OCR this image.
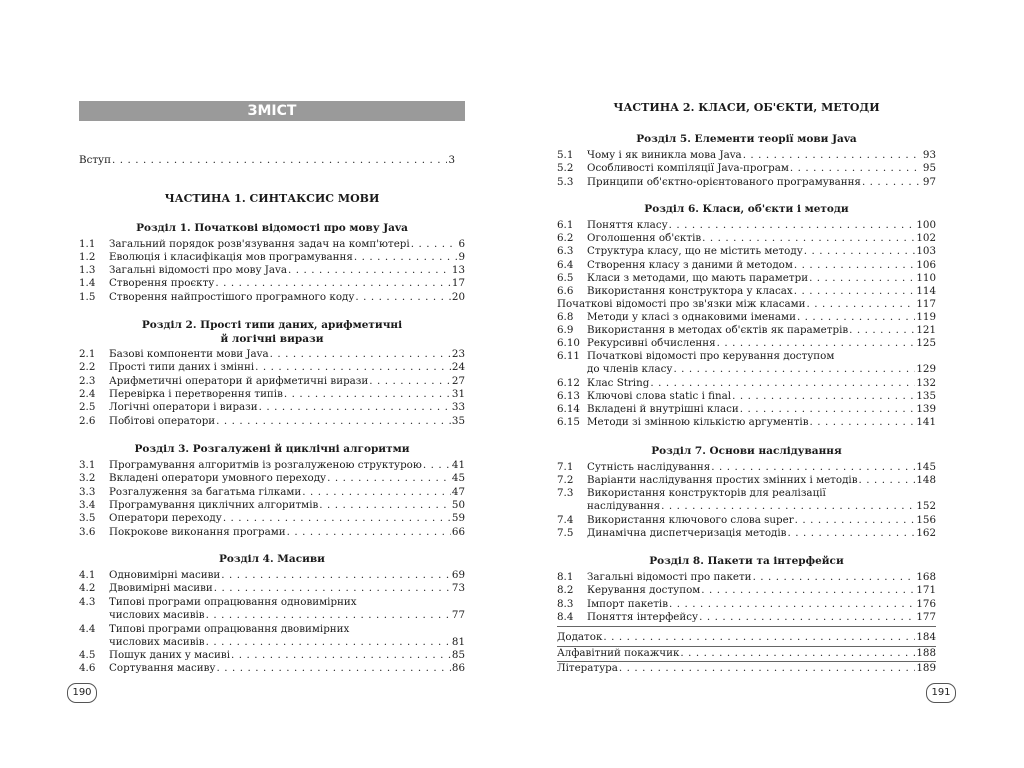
ЗМІСТ
Вступ . . .	3
ЧАСТИНА 1. СИНТАКСИС МОВИ
Розділ 1. Початкові відомості про мову Java
1.1	Загальний порядок розв'язування задач на комп'ютері . . .	6
1.2	Еволюція і класифікація мов програмування . . .	9
1.3	Загальні відомості про мову Java . . .	13
1.4	Створення проєкту . . .	17
1.5	Створення найпростішого програмного коду . . .	20
Розділ 2. Прості типи даних, арифметичні
й логічні вирази
2.1	Базові компоненти мови Java . . .	23
2.2	Прості типи даних і змінні . . .	24
2.3	Арифметичні оператори й арифметичні вирази . . .	27
2.4	Перевірка і перетворення типів . . .	31
2.5	Логічні оператори і вирази . . .	33
2.6	Побітові оператори . . .	35
Розділ 3. Розгалужені й циклічні алгоритми
3.1	Програмування алгоритмів із розгалуженою структурою . . .	41
3.2	Вкладені оператори умовного переходу . . .	45
3.3	Розгалуження за багатьма гілками . . .	47
3.4	Програмування циклічних алгоритмів . . .	50
3.5	Оператори переходу . . .	59
3.6	Покрокове виконання програми . . .	66
Розділ 4. Масиви
4.1	Одновимірні масиви . . .	69
4.2	Двовимірні масиви . . .	73
4.3	Типові програми опрацювання одновимірних
числових масивів . . .	77
4.4	Типові програми опрацювання двовимірних
числових масивів . . .	81
4.5	Пошук даних у масиві . . .	85
4.6	Сортування масиву . . .	86
190
ЧАСТИНА 2. КЛАСИ, ОБ'ЄКТИ, МЕТОДИ
Розділ 5. Елементи теорії мови Java
5.1	Чому і як виникла мова Java . . .	93
5.2	Особливості компіляції Java-програм . . .	95
5.3	Принципи об'єктно-орієнтованого програмування . . .	97
Розділ 6. Класи, об'єкти і методи
6.1	Поняття класу . . .	100
6.2	Оголошення об'єктів . . .	102
6.3	Структура класу, що не містить методу . . .	103
6.4	Створення класу з даними й методом . . .	106
6.5	Класи з методами, що мають параметри . . .	110
6.6	Використання конструктора у класах . . .	114
Початкові відомості про зв'язки між класами . . .	117
6.8	Методи у класі з однаковими іменами . . .	119
6.9	Використання в методах об'єктів як параметрів . . .	121
6.10 Рекурсивні обчислення . . .	125
6.11 Початкові відомості про керування доступом
до членів класу . . .	129
6.12 Клас String . . .	132
6.13 Ключові слова static і final . . .	135
6.14 Вкладені й внутрішні класи . . .	139
6.15 Методи зі змінною кількістю аргументів . . .	141
Розділ 7. Основи наслідування
7.1	Сутність наслідування . . .	145
7.2	Варіанти наслідування простих змінних і методів . . .	148
7.3	Використання конструкторів для реалізації
наслідування . . .	152
7.4	Використання ключового слова super . . .	156
7.5	Динамічна диспетчеризація методів . . .	162
Розділ 8. Пакети та інтерфейси
8.1	Загальні відомості про пакети . . .	168
8.2	Керування доступом . . .	171
8.3	Імпорт пакетів . . .	176
8.4	Поняття інтерфейсу . . .	177
Додаток . . .	184
Алфавітний покажчик . . .	188
Література . . .	189
191
